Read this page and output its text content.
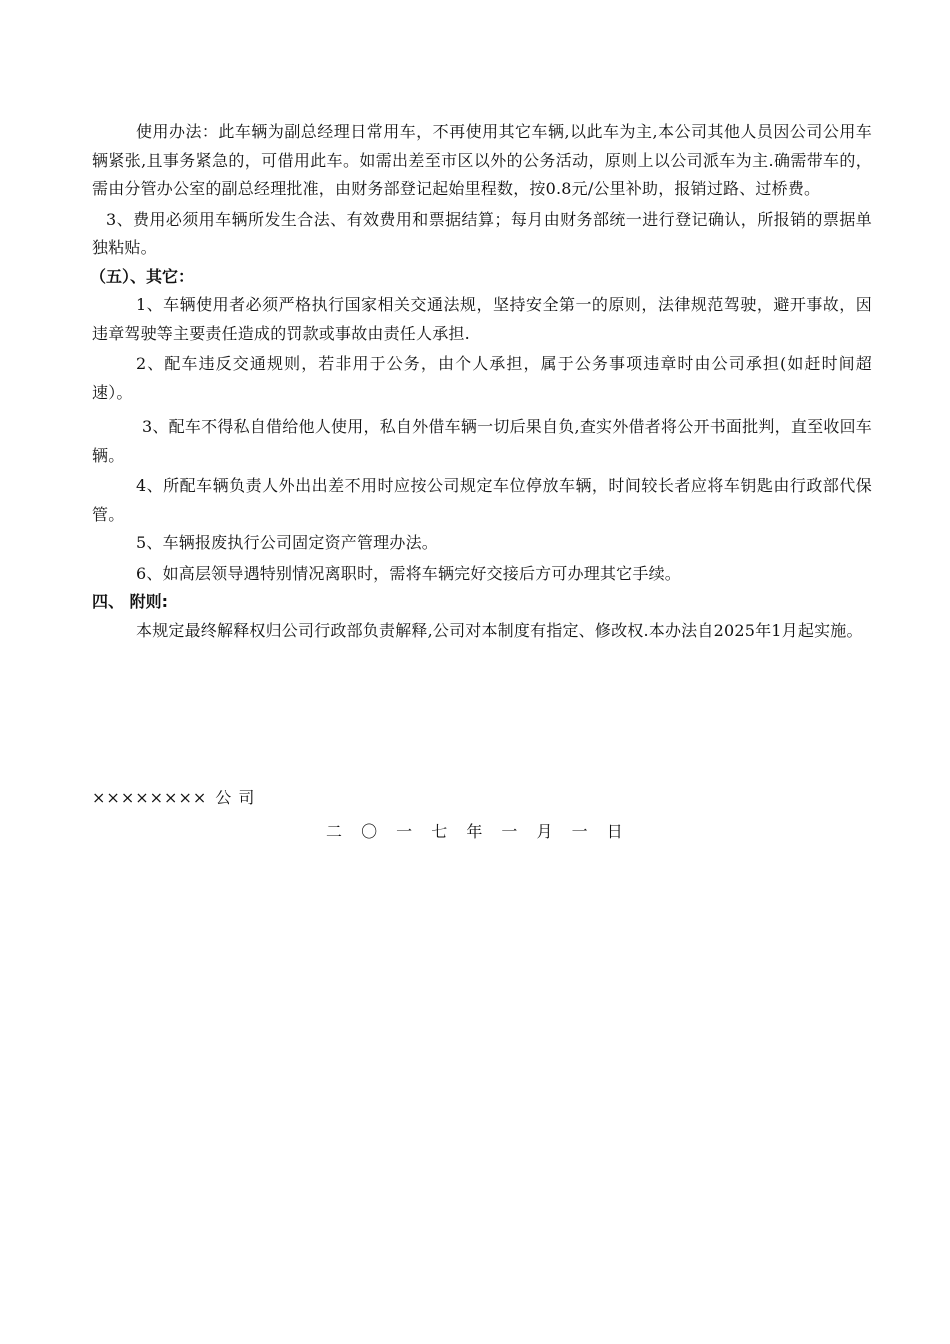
使用办法：此车辆为副总经理日常用车，不再使用其它车辆,以此车为主,本公司其他人员因公司公用车辆紧张,且事务紧急的，可借用此车。如需出差至市区以外的公务活动，原则上以公司派车为主.确需带车的，需由分管办公室的副总经理批准，由财务部登记起始里程数，按0.8元/公里补助，报销过路、过桥费。

3、费用必须用车辆所发生合法、有效费用和票据结算；每月由财务部统一进行登记确认，所报销的票据单独粘贴。

（五）、其它：

1、车辆使用者必须严格执行国家相关交通法规，坚持安全第一的原则，法律规范驾驶，避开事故，因违章驾驶等主要责任造成的罚款或事故由责任人承担.

2、配车违反交通规则，若非用于公务，由个人承担，属于公务事项违章时由公司承担(如赶时间超速）。

3、配车不得私自借给他人使用，私自外借车辆一切后果自负,查实外借者将公开书面批判，直至收回车辆。

4、所配车辆负责人外出出差不用时应按公司规定车位停放车辆，时间较长者应将车钥匙由行政部代保管。

5、车辆报废执行公司固定资产管理办法。

6、如高层领导遇特别情况离职时，需将车辆完好交接后方可办理其它手续。

四、 附则:

本规定最终解释权归公司行政部负责解释,公司对本制度有指定、修改权.本办法自2025年1月起实施。

×××××××× 公 司
二 〇 一 七 年 一 月 一 日
